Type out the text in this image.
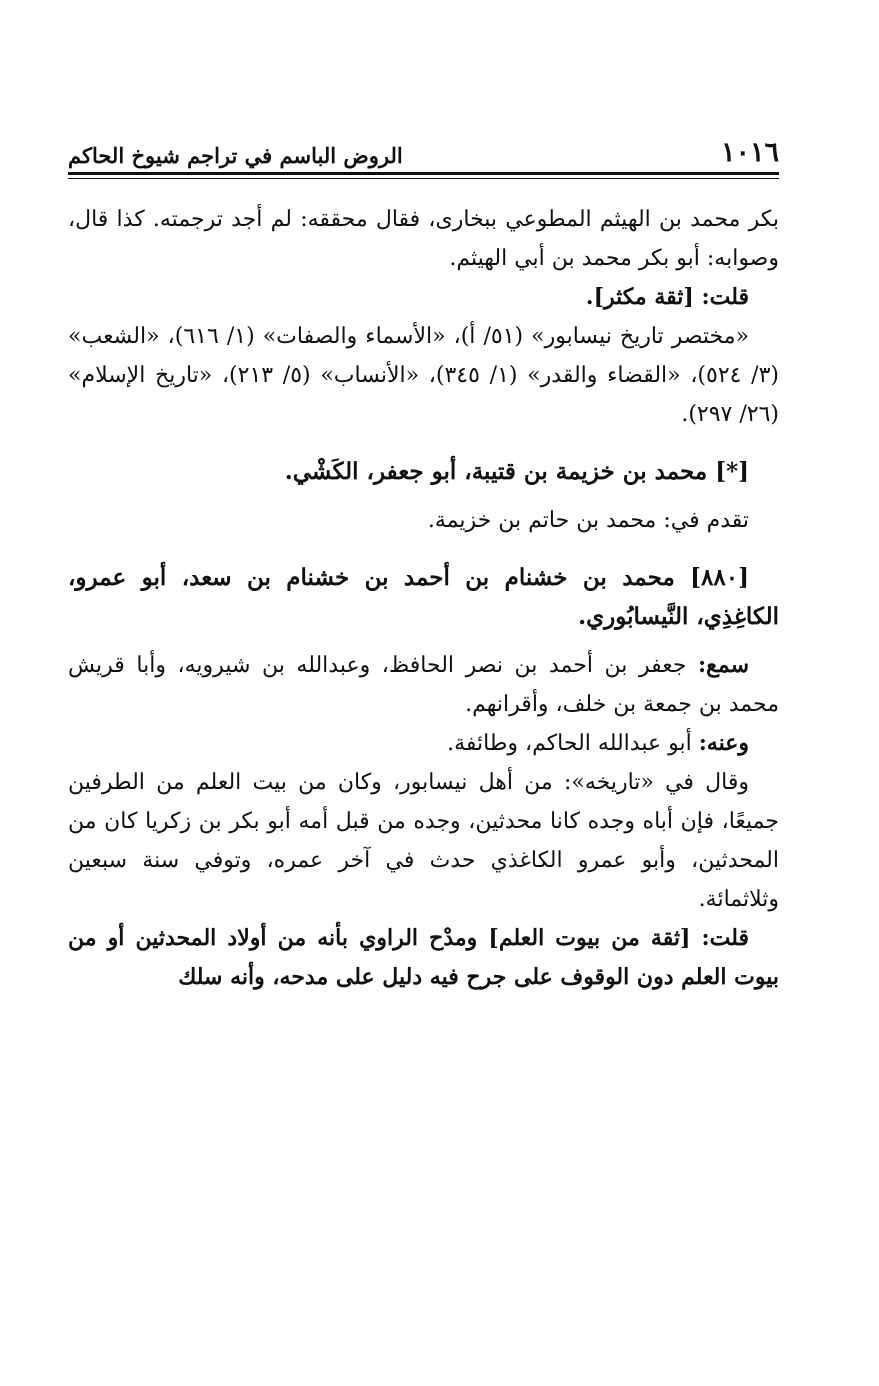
١٠١٦
الروض الباسم في تراجم شيوخ الحاكم

بكر محمد بن الهيثم المطوعي ببخارى، فقال محققه: لم أجد ترجمته. كذا قال، وصوابه: أبو بكر محمد بن أبي الهيثم.

قلت: [ثقة مكثر].

«مختصر تاريخ نيسابور» (٥١/ أ)، «الأسماء والصفات» (١/ ٦١٦)، «الشعب» (٣/ ٥٢٤)، «القضاء والقدر» (١/ ٣٤٥)، «الأنساب» (٥/ ٢١٣)، «تاريخ الإسلام» (٢٦/ ٢٩٧).

[*] محمد بن خزيمة بن قتيبة، أبو جعفر، الكَشْي.

تقدم في: محمد بن حاتم بن خزيمة.

[٨٨٠] محمد بن خشنام بن أحمد بن خشنام بن سعد، أبو عمرو، الكاغِذِي، النَّيسابُوري.

سمع: جعفر بن أحمد بن نصر الحافظ، وعبدالله بن شيرويه، وأبا قريش محمد بن جمعة بن خلف، وأقرانهم.

وعنه: أبو عبدالله الحاكم، وطائفة.

وقال في «تاريخه»: من أهل نيسابور، وكان من بيت العلم من الطرفين جميعًا، فإن أباه وجده كانا محدثين، وجده من قبل أمه أبو بكر بن زكريا كان من المحدثين، وأبو عمرو الكاغذي حدث في آخر عمره، وتوفي سنة سبعين وثلاثمائة.

قلت: [ثقة من بيوت العلم] ومدْح الراوي بأنه من أولاد المحدثين أو من بيوت العلم دون الوقوف على جرح فيه دليل على مدحه، وأنه سلك
